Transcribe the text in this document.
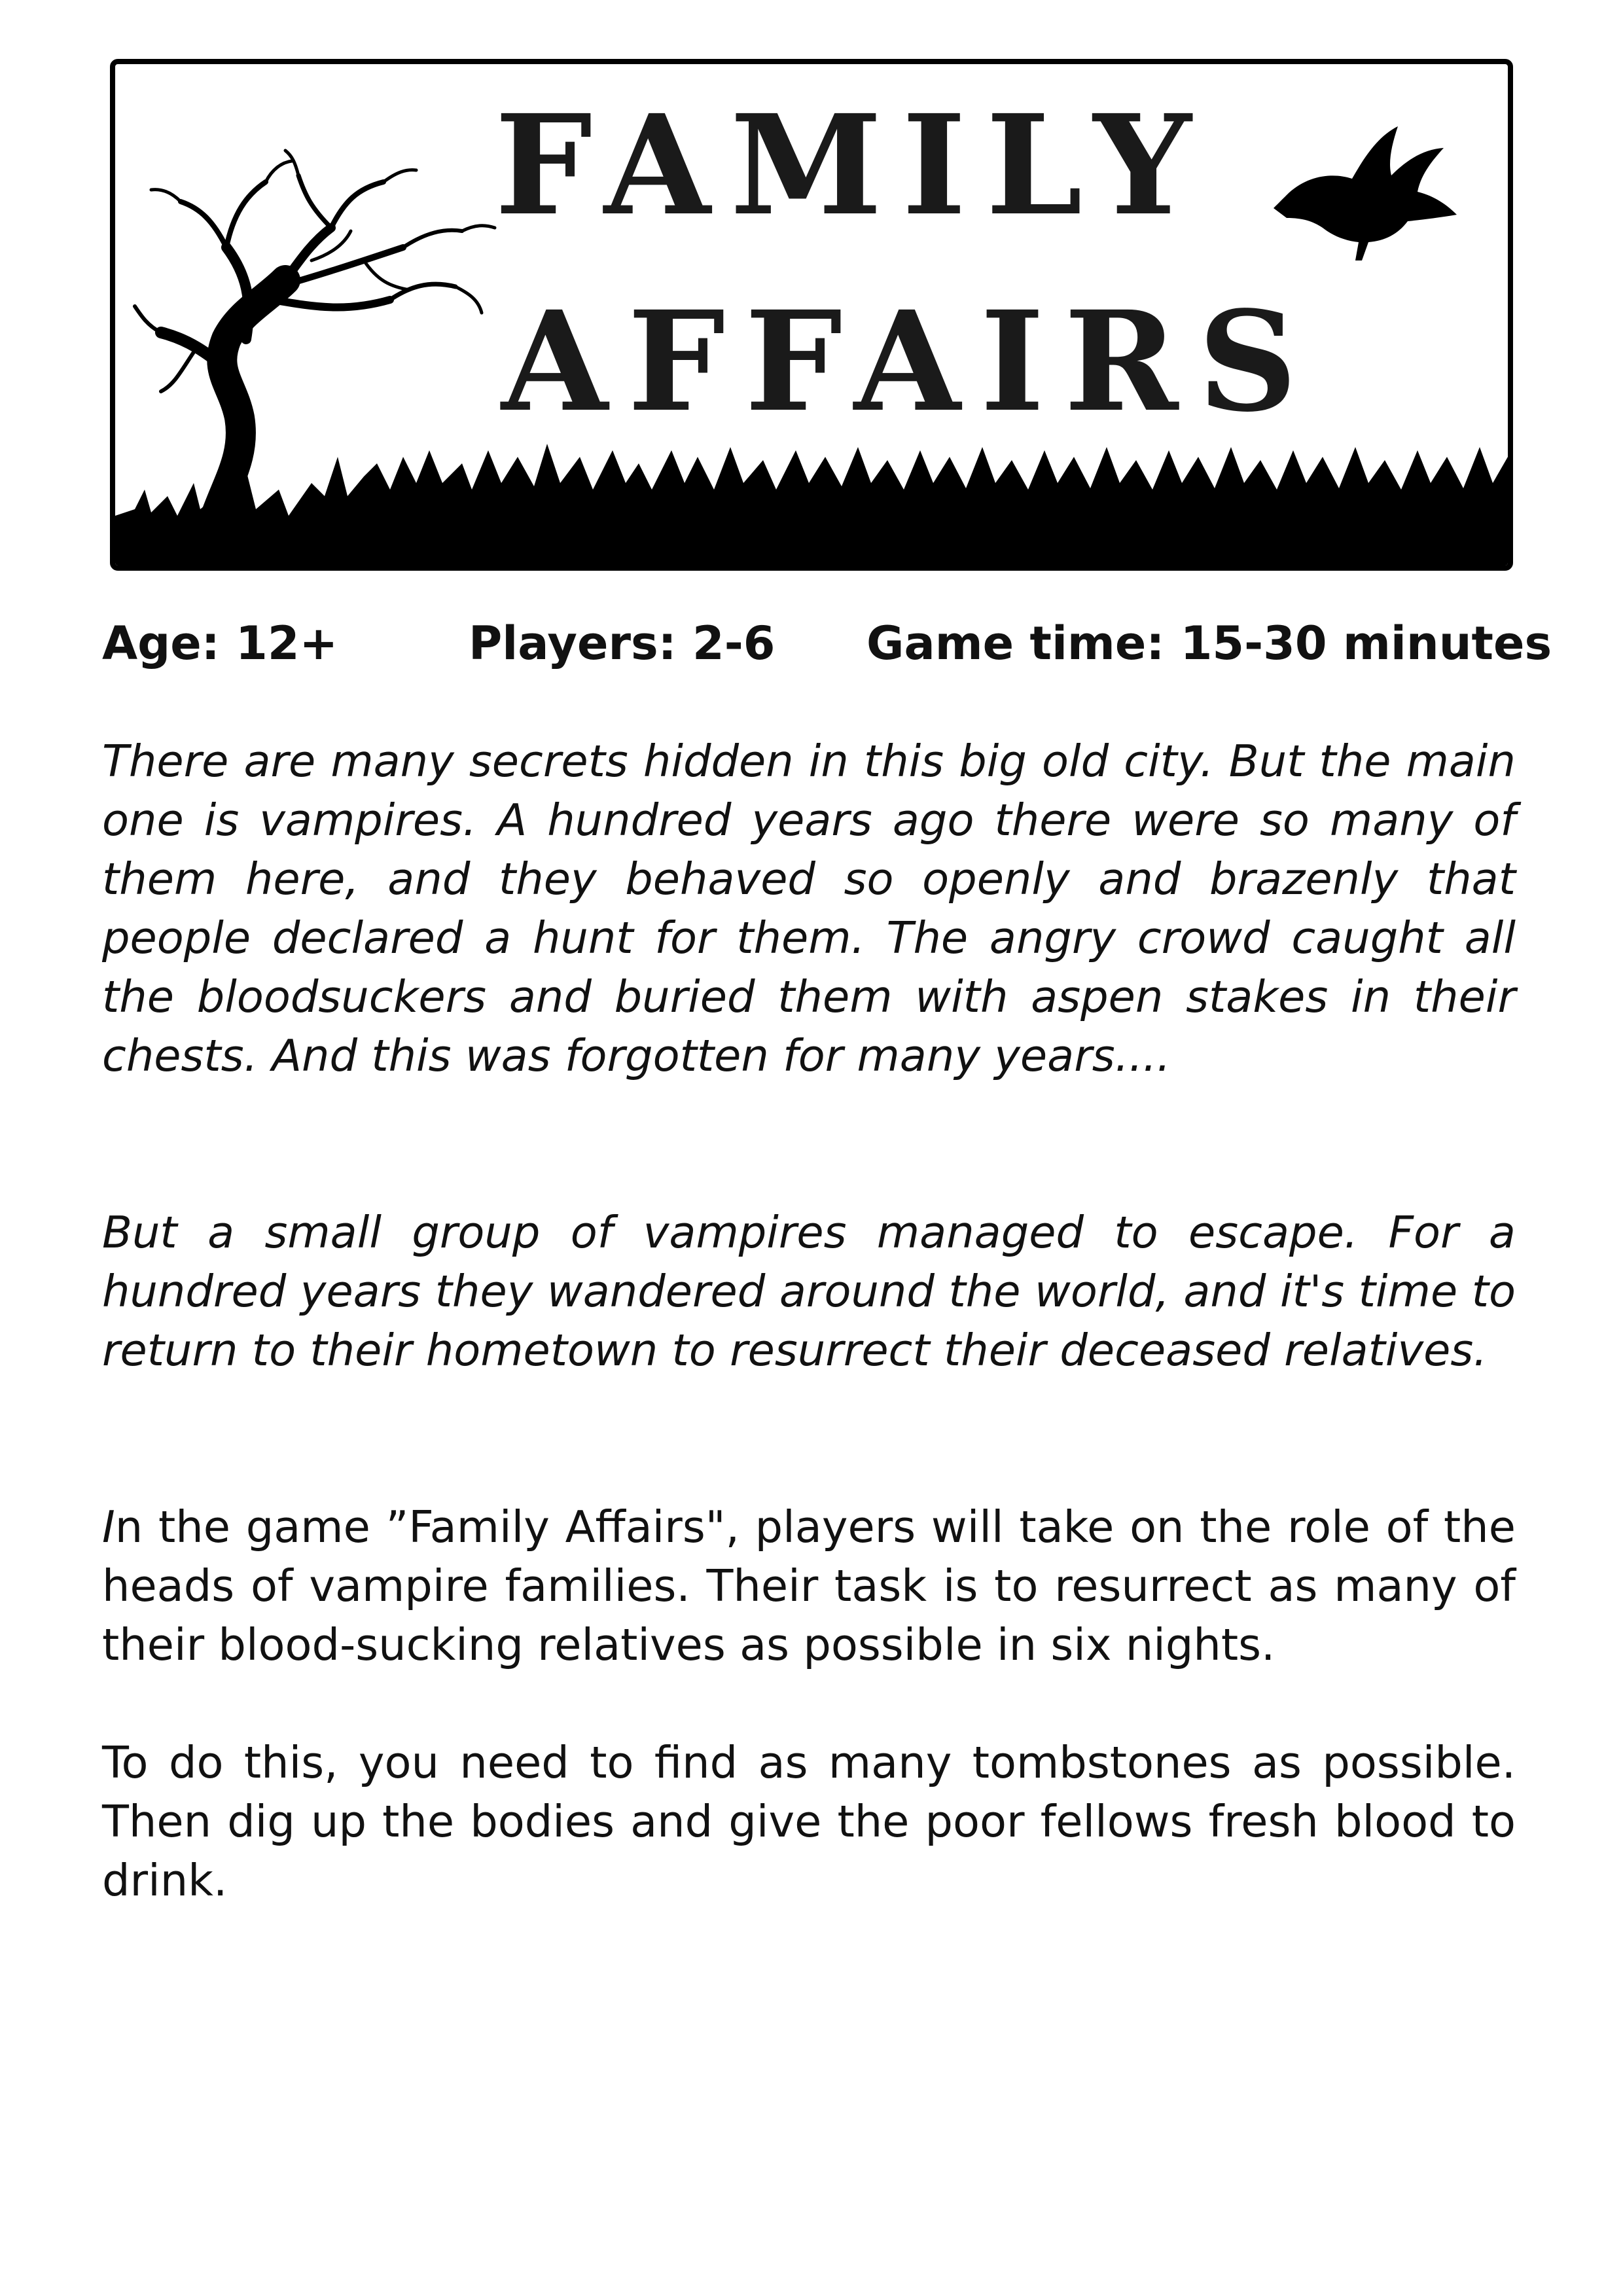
FAMILY
AFFAIRS
Age: 12+	Players: 2-6 Game time: 15-30 minutes

There are many secrets hidden in this big old city. But the main one is vampires. A hundred years ago there were so many of them here, and they behaved so openly and brazenly that people declared a hunt for them. The angry crowd caught all the bloodsuckers and buried them with aspen stakes in their chests. And this was forgotten for many years....

But a small group of vampires managed to escape. For a hundred years they wandered around the world, and it's time to return to their hometown to resurrect their deceased relatives.

In the game ”Family Affairs", players will take on the role of the heads of vampire families. Their task is to resurrect as many of their blood-sucking relatives as possible in six nights.

To do this, you need to find as many tombstones as possible. Then dig up the bodies and give the poor fellows fresh blood to drink.
